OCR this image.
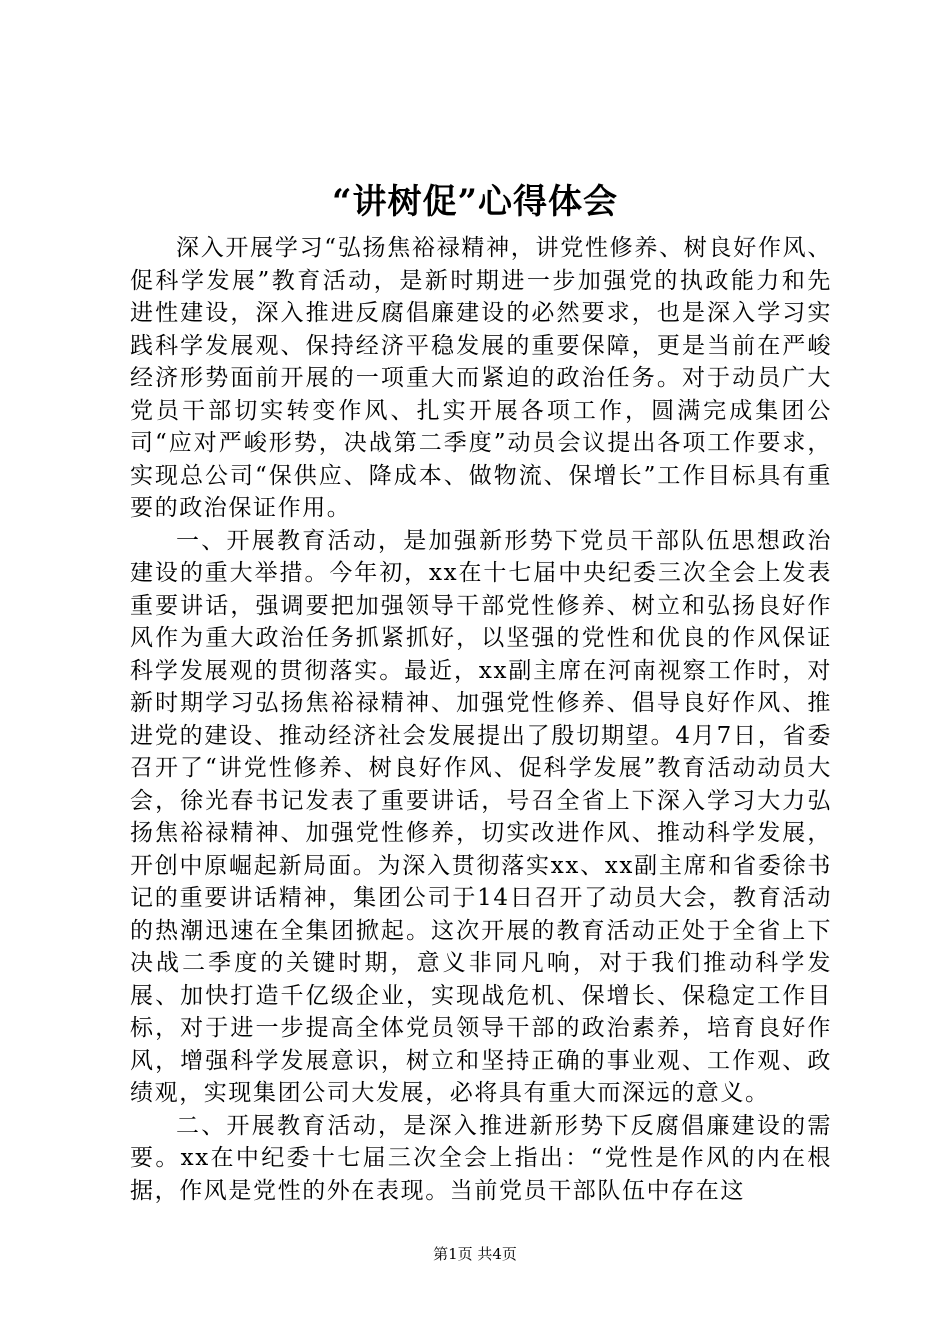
“讲树促”心得体会

深入开展学习“弘扬焦裕禄精神，讲党性修养、树良好作风、促科学发展”教育活动，是新时期进一步加强党的执政能力和先进性建设，深入推进反腐倡廉建设的必然要求，也是深入学习实践科学发展观、保持经济平稳发展的重要保障，更是当前在严峻经济形势面前开展的一项重大而紧迫的政治任务。对于动员广大党员干部切实转变作风、扎实开展各项工作，圆满完成集团公司“应对严峻形势，决战第二季度”动员会议提出各项工作要求，实现总公司“保供应、降成本、做物流、保增长”工作目标具有重要的政治保证作用。

一、开展教育活动，是加强新形势下党员干部队伍思想政治建设的重大举措。今年初，xx在十七届中央纪委三次全会上发表重要讲话，强调要把加强领导干部党性修养、树立和弘扬良好作风作为重大政治任务抓紧抓好，以坚强的党性和优良的作风保证科学发展观的贯彻落实。最近，xx副主席在河南视察工作时，对新时期学习弘扬焦裕禄精神、加强党性修养、倡导良好作风、推进党的建设、推动经济社会发展提出了殷切期望。4月7日，省委召开了“讲党性修养、树良好作风、促科学发展”教育活动动员大会，徐光春书记发表了重要讲话，号召全省上下深入学习大力弘扬焦裕禄精神、加强党性修养，切实改进作风、推动科学发展，开创中原崛起新局面。为深入贯彻落实xx、xx副主席和省委徐书记的重要讲话精神，集团公司于14日召开了动员大会，教育活动的热潮迅速在全集团掀起。这次开展的教育活动正处于全省上下决战二季度的关键时期，意义非同凡响，对于我们推动科学发展、加快打造千亿级企业，实现战危机、保增长、保稳定工作目标，对于进一步提高全体党员领导干部的政治素养，培育良好作风，增强科学发展意识，树立和坚持正确的事业观、工作观、政绩观，实现集团公司大发展，必将具有重大而深远的意义。

二、开展教育活动，是深入推进新形势下反腐倡廉建设的需要。xx在中纪委十七届三次全会上指出：“党性是作风的内在根据，作风是党性的外在表现。当前党员干部队伍中存在这

第1页 共4页
